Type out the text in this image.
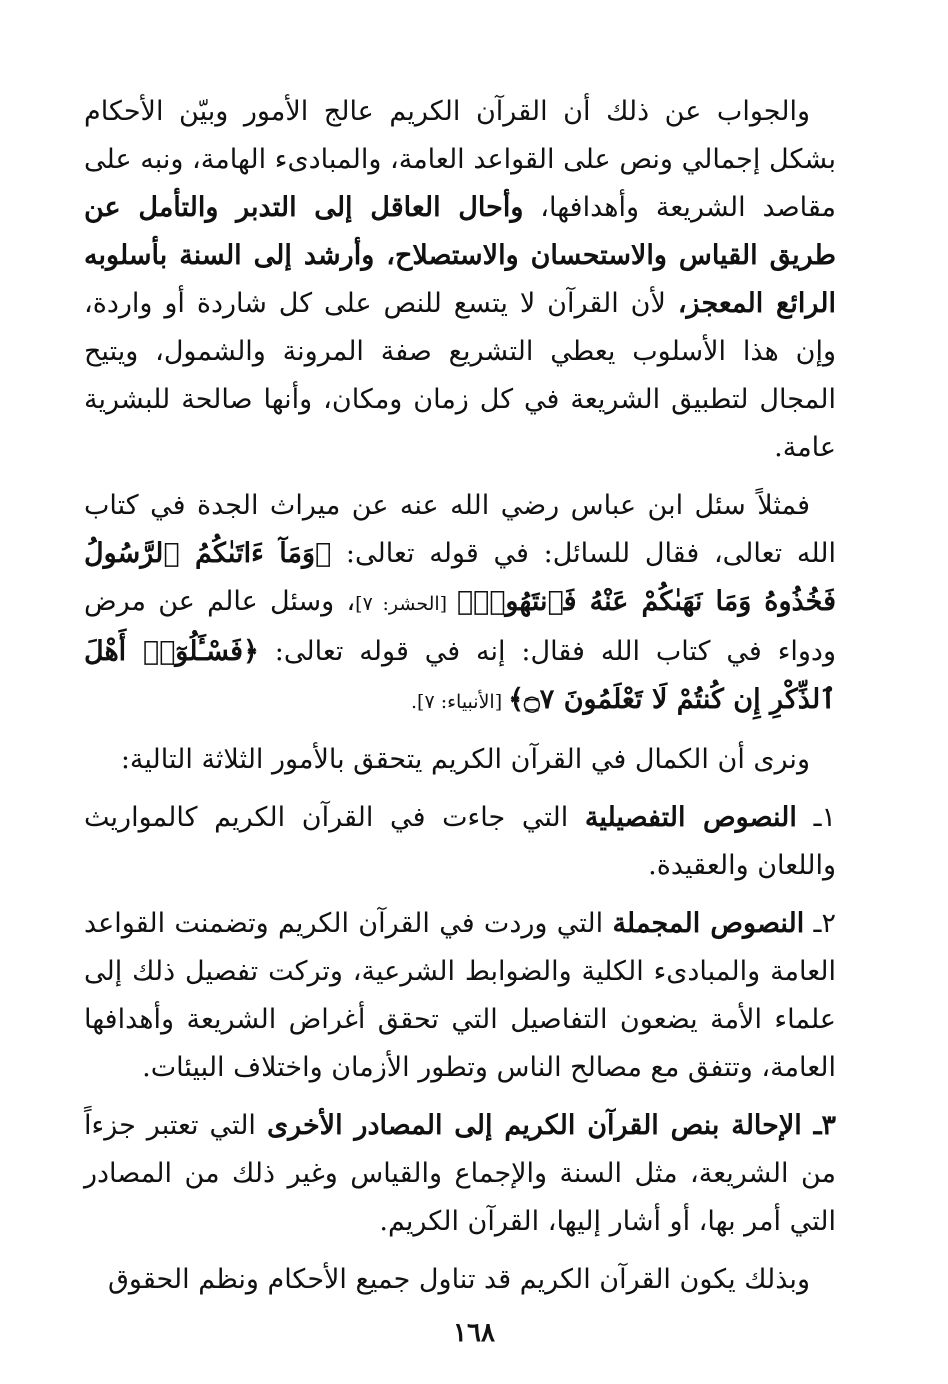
والجواب عن ذلك أن القرآن الكريم عالج الأمور وبيّن الأحكام بشكل إجمالي ونص على القواعد العامة، والمبادىء الهامة، ونبه على مقاصد الشريعة وأهدافها، وأحال العاقل إلى التدبر والتأمل عن طريق القياس والاستحسان والاستصلاح، وأرشد إلى السنة بأسلوبه الرائع المعجز، لأن القرآن لا يتسع للنص على كل شاردة أو واردة، وإن هذا الأسلوب يعطي التشريع صفة المرونة والشمول، ويتيح المجال لتطبيق الشريعة في كل زمان ومكان، وأنها صالحة للبشرية عامة.

فمثلاً سئل ابن عباس رضي الله عنه عن ميراث الجدة في كتاب الله تعالى، فقال للسائل: في قوله تعالى: ﴿وَمَآ ءَاتَىٰكُمُ ٱلرَّسُولُ فَخُذُوهُ وَمَا نَهَىٰكُمْ عَنْهُ فَٱنتَهُوا۟﴾ [الحشر: ٧]، وسئل عالم عن مرض ودواء في كتاب الله فقال: إنه في قوله تعالى: ﴿فَسْـَٔلُوٓا۟ أَهْلَ ٱلذِّكْرِ إِن كُنتُمْ لَا تَعْلَمُونَ ۝٧﴾ [الأنبياء: ٧].

ونرى أن الكمال في القرآن الكريم يتحقق بالأمور الثلاثة التالية:

١ـ النصوص التفصيلية التي جاءت في القرآن الكريم كالمواريث واللعان والعقيدة.

٢ـ النصوص المجملة التي وردت في القرآن الكريم وتضمنت القواعد العامة والمبادىء الكلية والضوابط الشرعية، وتركت تفصيل ذلك إلى علماء الأمة يضعون التفاصيل التي تحقق أغراض الشريعة وأهدافها العامة، وتتفق مع مصالح الناس وتطور الأزمان واختلاف البيئات.

٣ـ الإحالة بنص القرآن الكريم إلى المصادر الأخرى التي تعتبر جزءاً من الشريعة، مثل السنة والإجماع والقياس وغير ذلك من المصادر التي أمر بها، أو أشار إليها، القرآن الكريم.

وبذلك يكون القرآن الكريم قد تناول جميع الأحكام ونظم الحقوق

١٦٨
